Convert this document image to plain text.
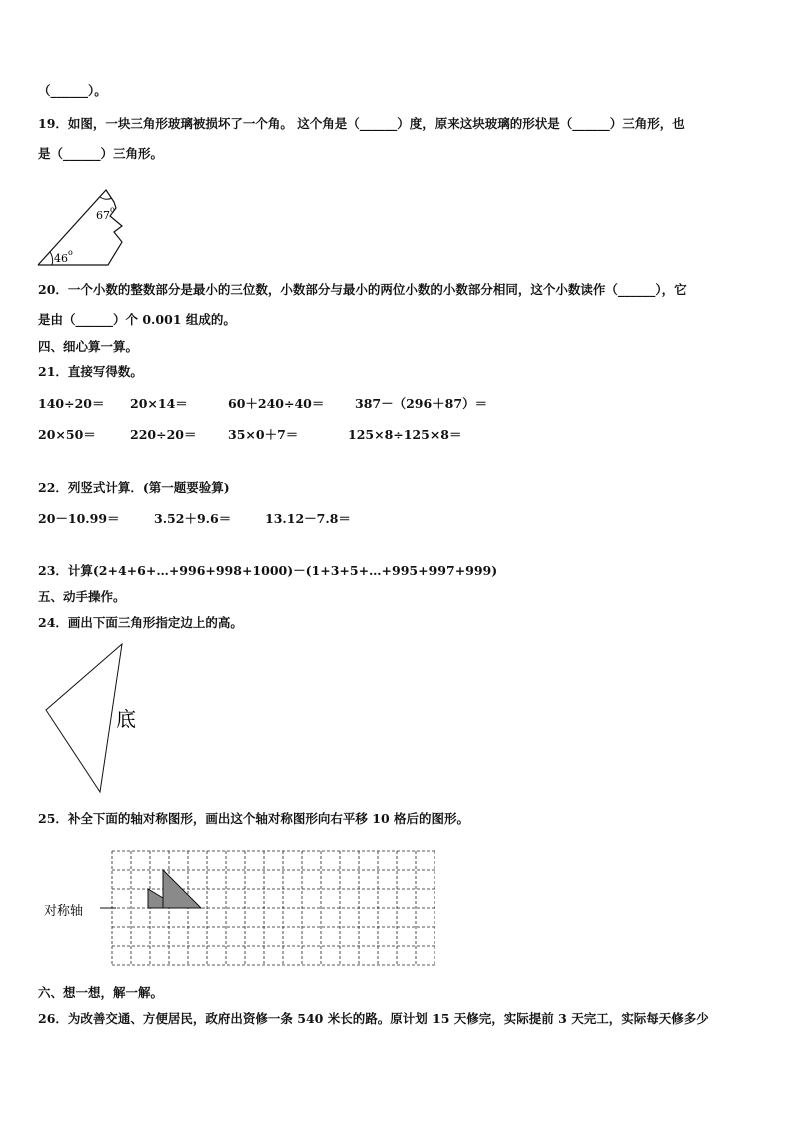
（______）。
19．如图，一块三角形玻璃被损坏了一个角。 这个角是（______）度，原来这块玻璃的形状是（______）三角形，也
是（______）三角形。
67 o
46 o
20．一个小数的整数部分是最小的三位数，小数部分与最小的两位小数的小数部分相同，这个小数读作（______），它
是由（______）个 0.001 组成的。
四、细心算一算。
21．直接写得数。
140÷20＝ 20×14＝	60＋240÷40＝ 387－（296＋87）＝
20×50＝	220÷20＝	35×0＋7＝	125×8÷125×8＝
22．列竖式计算．(第一题要验算)
20－10.99＝	3.52＋9.6＝	13.12－7.8＝
23．计算(2+4+6+…+996+998+1000)－(1+3+5+…+995+997+999)
五、动手操作。
24．画出下面三角形指定边上的高。
底
25．补全下面的轴对称图形，画出这个轴对称图形向右平移 10 格后的图形。
对称轴
六、想一想，解一解。
26．为改善交通、方便居民，政府出资修一条 540 米长的路。原计划 15 天修完，实际提前 3 天完工，实际每天修多少
